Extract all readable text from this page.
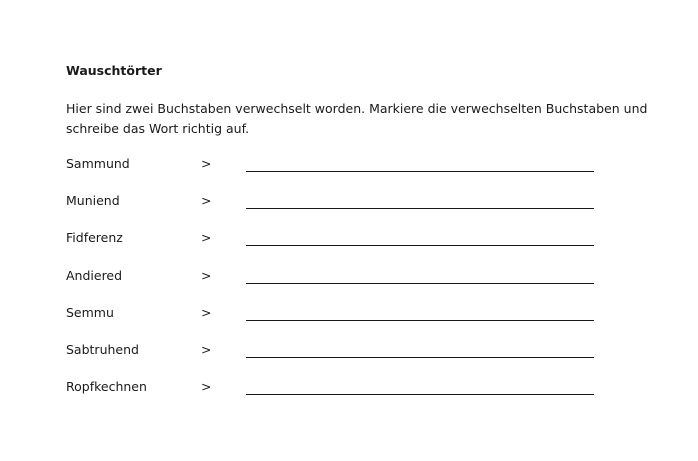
Wauschtörter
Hier sind zwei Buchstaben verwechselt worden. Markiere die verwechselten Buchstaben und
schreibe das Wort richtig auf.
Sammund	>
Muniend	>
Fidferenz	>
Andiered	>
Semmu	>
Sabtruhend	>
Ropfkechnen	>
